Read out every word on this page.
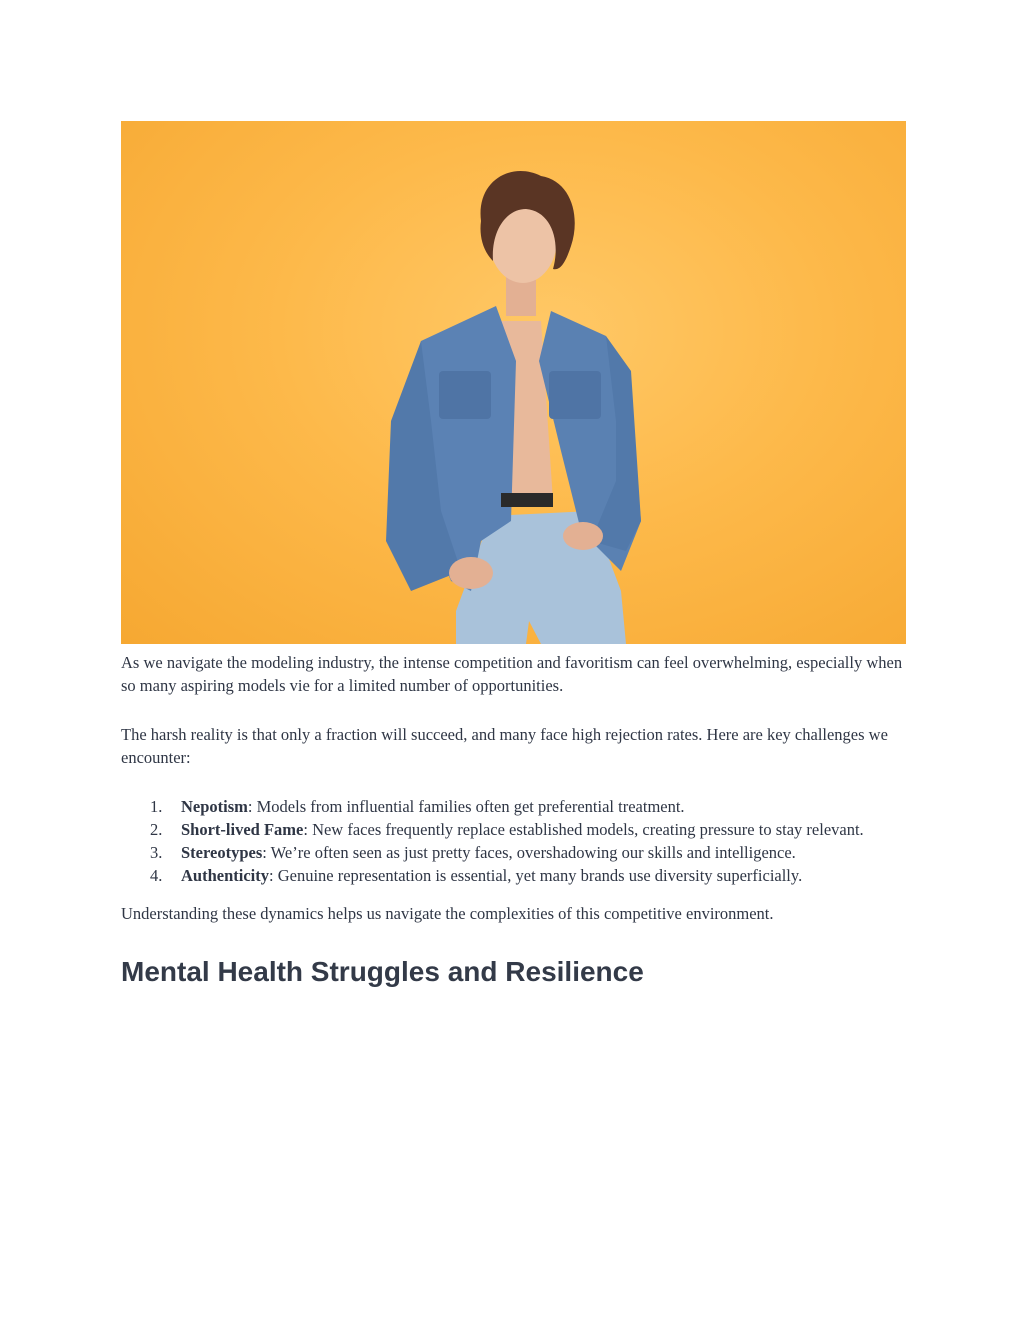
As we navigate the modeling industry, the intense competition and favoritism can feel overwhelming, especially when so many aspiring models vie for a limited number of opportunities.

The harsh reality is that only a fraction will succeed, and many face high rejection rates. Here are key challenges we encounter:

1.	Nepotism: Models from influential families often get preferential treatment.
2.	Short-lived Fame: New faces frequently replace established models, creating pressure to stay relevant.
3.	Stereotypes: We’re often seen as just pretty faces, overshadowing our skills and intelligence.
4.	Authenticity: Genuine representation is essential, yet many brands use diversity superficially.

Understanding these dynamics helps us navigate the complexities of this competitive environment.

Mental Health Struggles and Resilience
